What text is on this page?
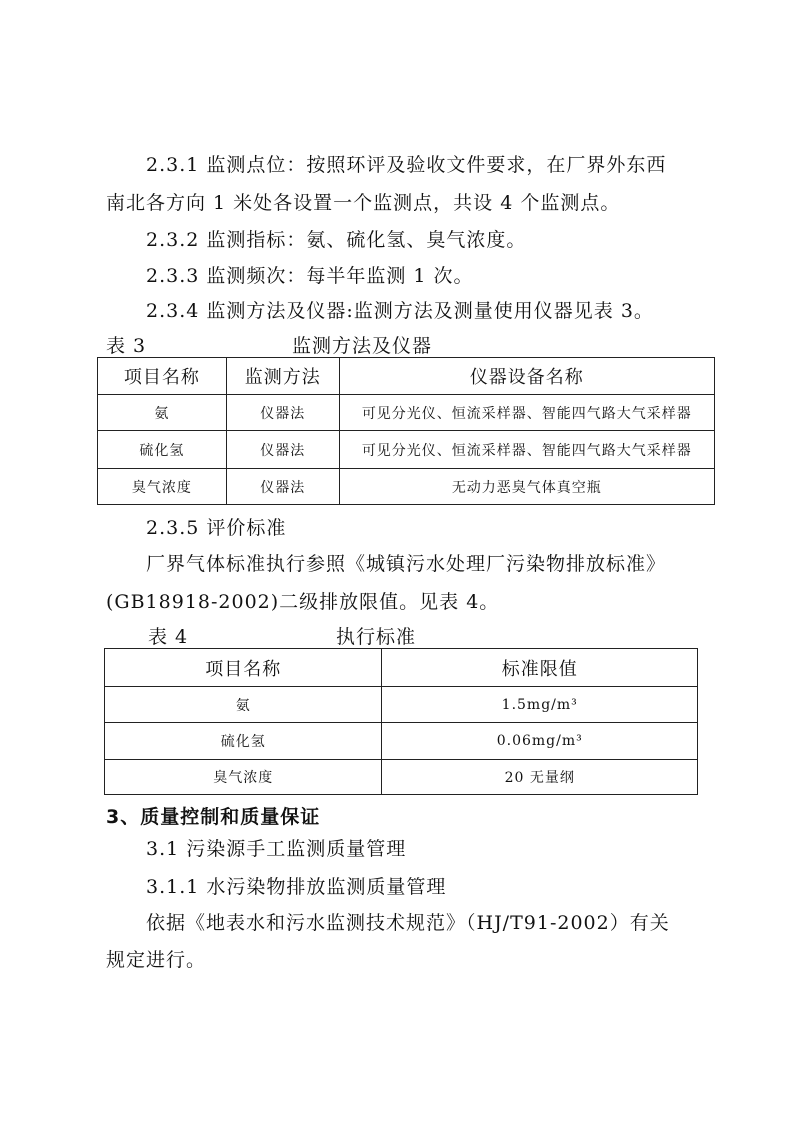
2.3.1 监测点位：按照环评及验收文件要求，在厂界外东西
南北各方向 1 米处各设置一个监测点，共设 4 个监测点。
2.3.2 监测指标：氨、硫化氢、臭气浓度。
2.3.3 监测频次：每半年监测 1 次。
2.3.4 监测方法及仪器:监测方法及测量使用仪器见表 3。
表 3	监测方法及仪器
项目名称	监测方法	仪器设备名称
氨	仪器法	可见分光仪、恒流采样器、智能四气路大气采样器
硫化氢	仪器法	可见分光仪、恒流采样器、智能四气路大气采样器
臭气浓度	仪器法	无动力恶臭气体真空瓶
2.3.5 评价标准
厂界气体标准执行参照《城镇污水处理厂污染物排放标准》
(GB18918-2002)二级排放限值。见表 4。
表 4	执行标准
项目名称	标准限值
氨	1.5mg/m³
硫化氢	0.06mg/m³
臭气浓度	20 无量纲
3、质量控制和质量保证
3.1 污染源手工监测质量管理
3.1.1 水污染物排放监测质量管理
依据《地表水和污水监测技术规范》（HJ/T91-2002）有关
规定进行。
